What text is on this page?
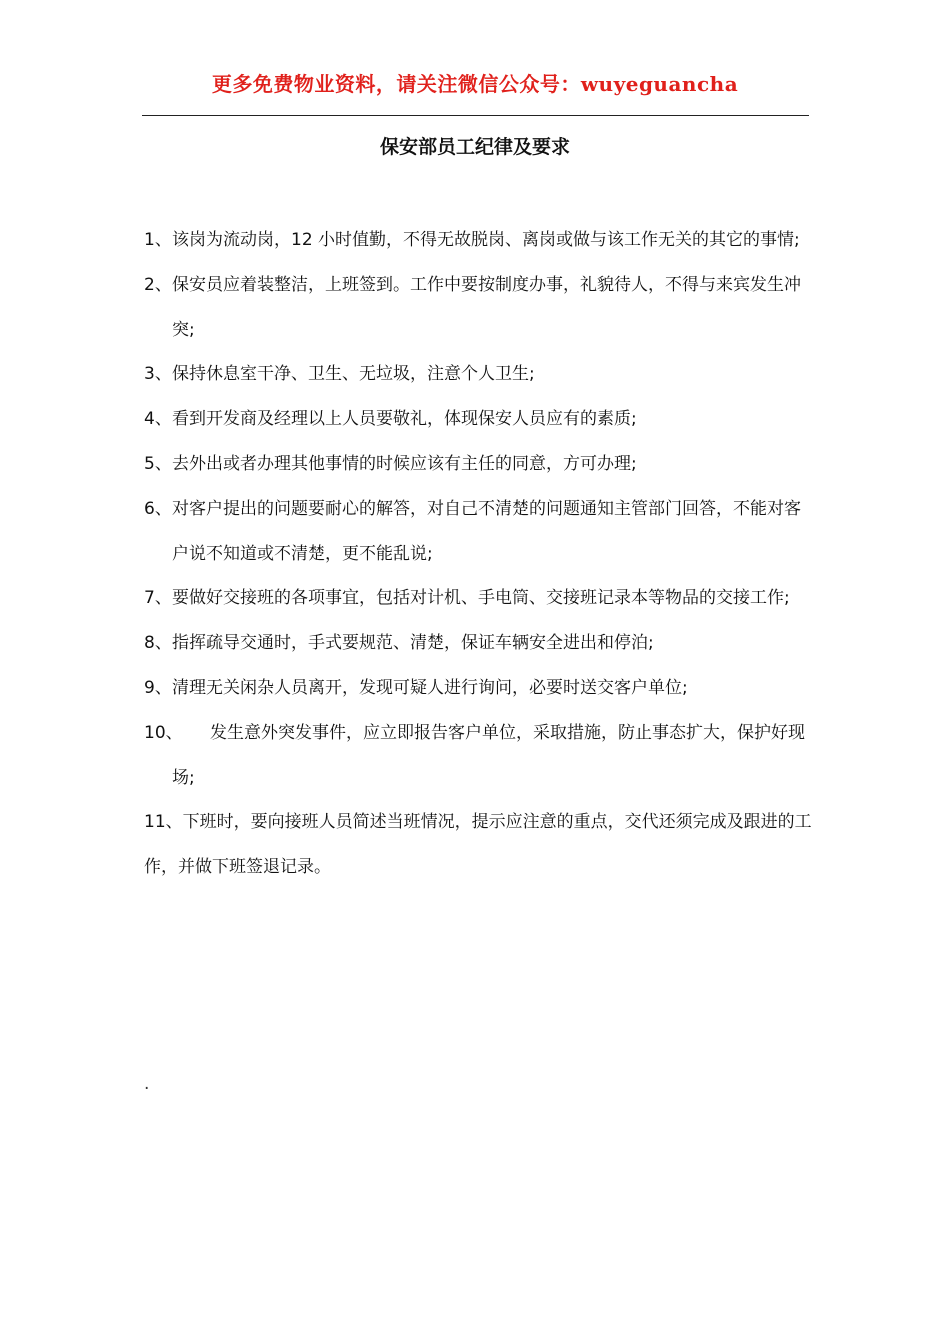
更多免费物业资料，请关注微信公众号：wuyeguancha
保安部员工纪律及要求
1、 该岗为流动岗，12 小时值勤，不得无故脱岗、离岗或做与该工作无关的其它的事情;
2、 保安员应着装整洁，上班签到。工作中要按制度办事，礼貌待人，不得与来宾发生冲突;
3、 保持休息室干净、卫生、无垃圾，注意个人卫生;
4、 看到开发商及经理以上人员要敬礼，体现保安人员应有的素质;
5、 去外出或者办理其他事情的时候应该有主任的同意，方可办理;
6、 对客户提出的问题要耐心的解答，对自己不清楚的问题通知主管部门回答，不能对客户说不知道或不清楚，更不能乱说;
7、 要做好交接班的各项事宜，包括对计机、手电筒、交接班记录本等物品的交接工作;
8、 指挥疏导交通时，手式要规范、清楚，保证车辆安全进出和停泊;
9、 清理无关闲杂人员离开，发现可疑人进行询问，必要时送交客户单位;
10、	发生意外突发事件，应立即报告客户单位，采取措施，防止事态扩大，保护好现场;
11、下班时，要向接班人员简述当班情况，提示应注意的重点，交代还须完成及跟进的工作，并做下班签退记录。
.
